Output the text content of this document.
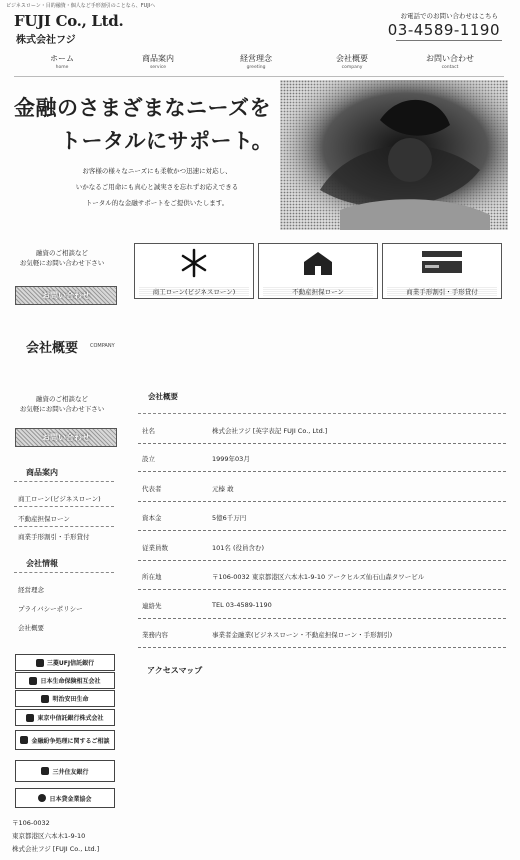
ビジネスローン・目的融資・個人など手形割引のことなら、FUJIへ
FUJI Co., Ltd.
株式会社フジ
お電話でのお問い合わせはこちら
03-4589-1190
ホーム
home
商品案内
service
経営理念
greeting
会社概要
company
お問い合わせ
contact
金融のさまざまなニーズを
トータルにサポート。
お客様の様々なニーズにも柔軟かつ迅速に対応し、
いかなるご用命にも真心と誠実さを忘れずお応えできる
トータル的な金融サポートをご提供いたします。
融資のご相談など
お気軽にお問い合わせ下さい
お問い合わせ	商工ローン(ビジネスローン)	不動産担保ローン	商業手形割引・手形貸付
会社概要 COMPANY
融資のご相談など
お気軽にお問い合わせ下さい
お問い合わせ
商品案内
商工ローン(ビジネスローン)
不動産担保ローン
商業手形割引・手形貸付
会社情報
経営理念
プライバシーポリシー
会社概要
三菱UFJ信託銀行
日本生命保険相互会社
明治安田生命
東京中信託銀行株式会社
金融紛争処理に関するご相談
三井住友銀行
日本貸金業協会
〒106-0032
東京都港区六本木1-9-10
株式会社フジ [FUJI Co., Ltd.]
会社概要
社名	株式会社フジ [英字表記 FUJI Co., Ltd.]
設立	1999年03月
代表者	元榛 敢
資本金	5億6千万円
従業員数	101名 (役員含む)
所在地	〒106-0032 東京都港区六本木1-9-10 アークヒルズ仙石山森タワービル
連絡先	TEL 03-4589-1190
業務内容	事業者金融業(ビジネスローン・不動産担保ローン・手形割引)
アクセスマップ
